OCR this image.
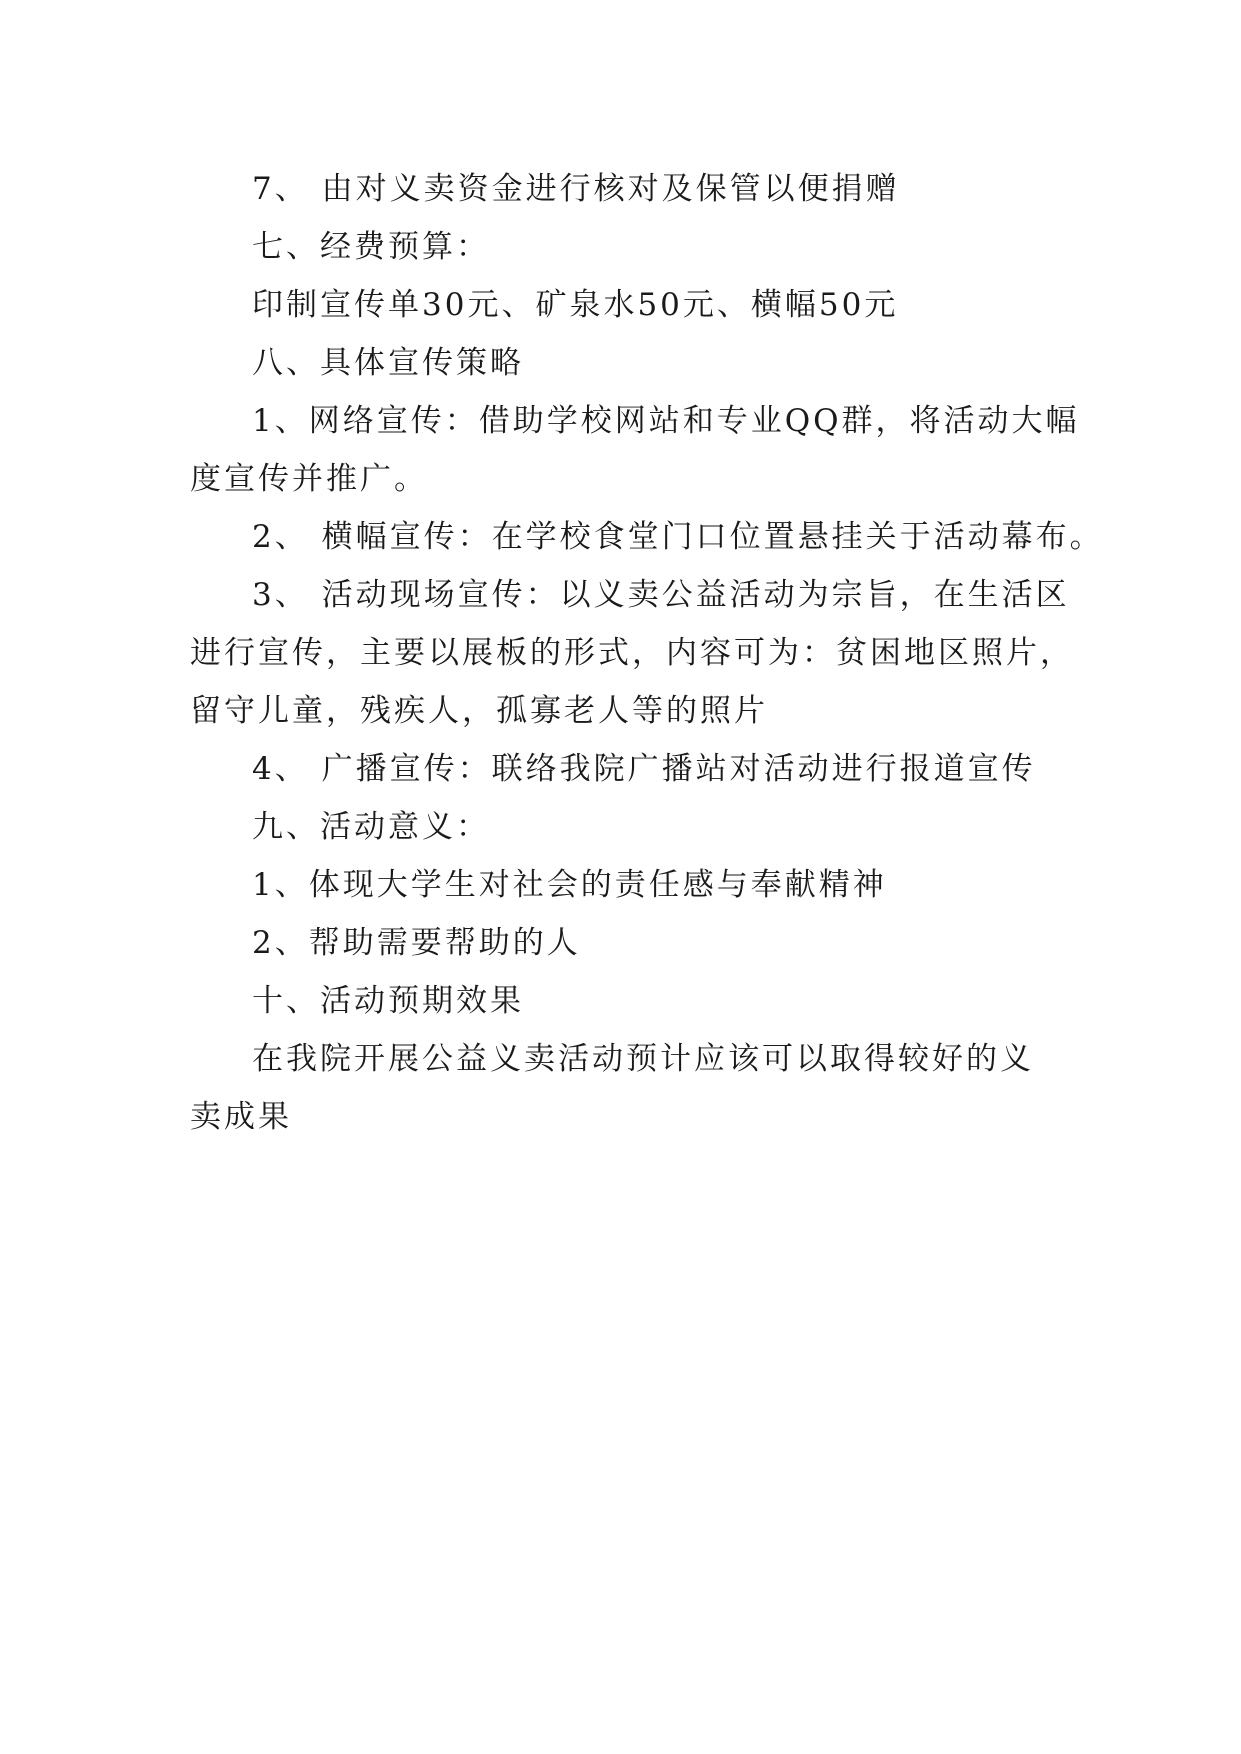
7、 由对义卖资金进行核对及保管以便捐赠

七、经费预算：

印制宣传单30元、矿泉水50元、横幅50元

八、具体宣传策略

1、网络宣传：借助学校网站和专业QQ群，将活动大幅

度宣传并推广。

2、 横幅宣传：在学校食堂门口位置悬挂关于活动幕布。

3、 活动现场宣传：以义卖公益活动为宗旨，在生活区

进行宣传，主要以展板的形式，内容可为：贫困地区照片，

留守儿童，残疾人，孤寡老人等的照片

4、 广播宣传：联络我院广播站对活动进行报道宣传

九、活动意义：

1、体现大学生对社会的责任感与奉献精神

2、帮助需要帮助的人

十、活动预期效果

在我院开展公益义卖活动预计应该可以取得较好的义

卖成果
